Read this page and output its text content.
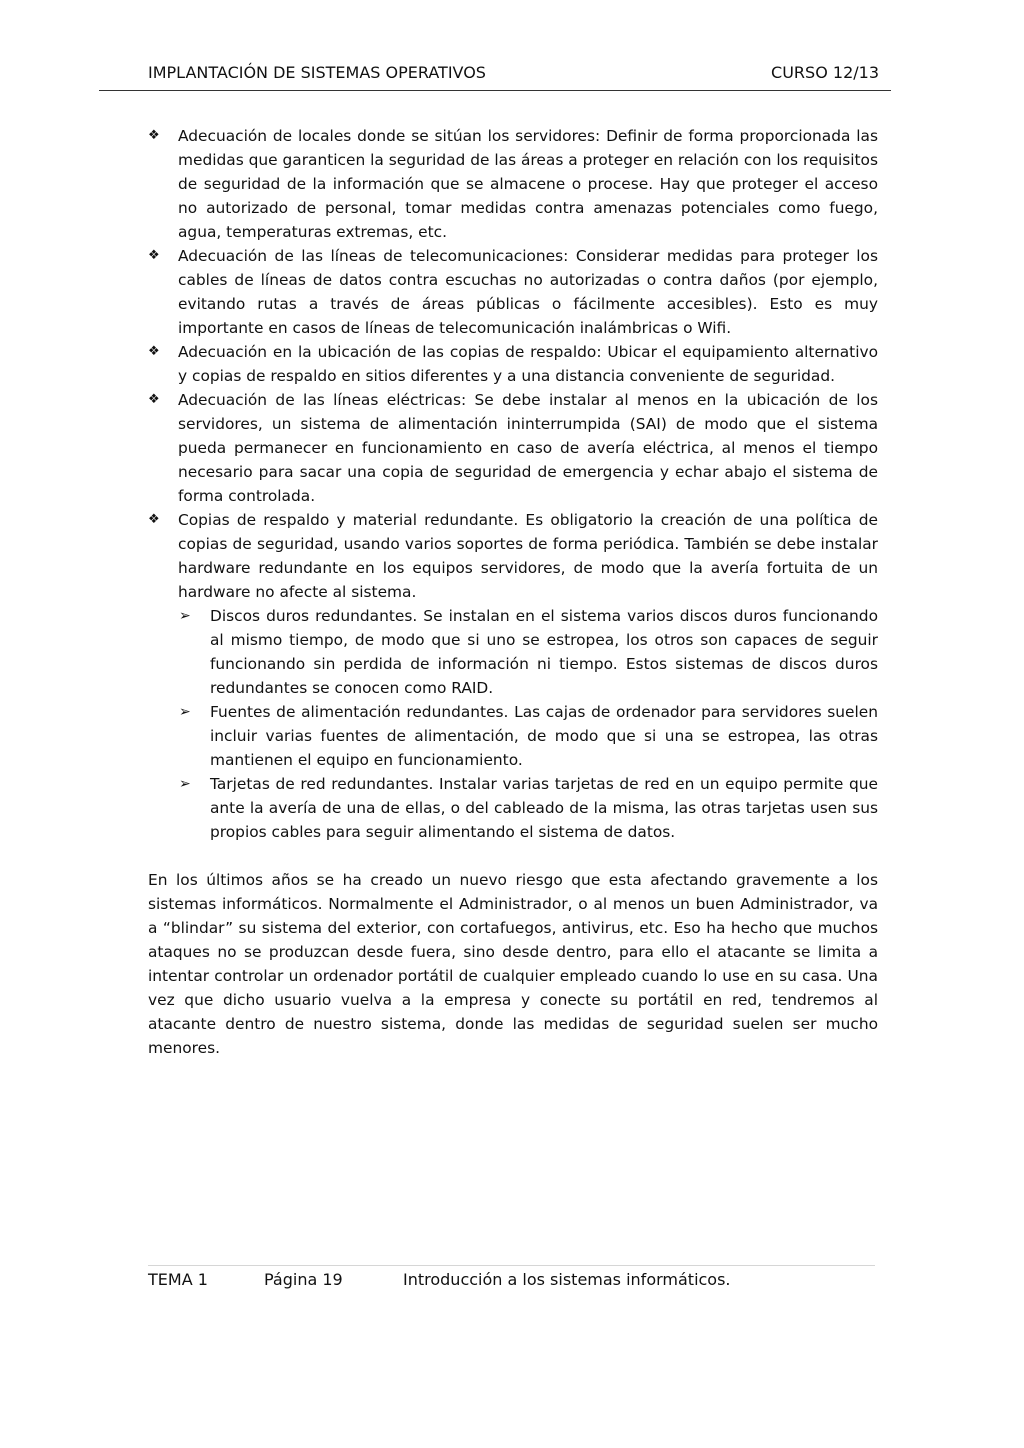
IMPLANTACIÓN DE SISTEMAS OPERATIVOS	CURSO 12/13
❖	Adecuación de locales donde se sitúan los servidores: Definir de forma proporcionada las medidas que garanticen la seguridad de las áreas a proteger en relación con los requisitos de seguridad de la información que se almacene o procese. Hay que proteger el acceso no autorizado de personal, tomar medidas contra amenazas potenciales como fuego, agua, temperaturas extremas, etc.
❖	Adecuación de las líneas de telecomunicaciones: Considerar medidas para proteger los cables de líneas de datos contra escuchas no autorizadas o contra daños (por ejemplo, evitando rutas a través de áreas públicas o fácilmente accesibles). Esto es muy importante en casos de líneas de telecomunicación inalámbricas o Wifi.
❖	Adecuación en la ubicación de las copias de respaldo: Ubicar el equipamiento alternativo y copias de respaldo en sitios diferentes y a una distancia conveniente de seguridad.
❖	Adecuación de las líneas eléctricas: Se debe instalar al menos en la ubicación de los servidores, un sistema de alimentación ininterrumpida (SAI) de modo que el sistema pueda permanecer en funcionamiento en caso de avería eléctrica, al menos el tiempo necesario para sacar una copia de seguridad de emergencia y echar abajo el sistema de forma controlada.
❖	Copias de respaldo y material redundante. Es obligatorio la creación de una política de copias de seguridad, usando varios soportes de forma periódica. También se debe instalar hardware redundante en los equipos servidores, de modo que la avería fortuita de un hardware no afecte al sistema.
➢	Discos duros redundantes. Se instalan en el sistema varios discos duros funcionando al mismo tiempo, de modo que si uno se estropea, los otros son capaces de seguir funcionando sin perdida de información ni tiempo. Estos sistemas de discos duros redundantes se conocen como RAID.
➢	Fuentes de alimentación redundantes. Las cajas de ordenador para servidores suelen incluir varias fuentes de alimentación, de modo que si una se estropea, las otras mantienen el equipo en funcionamiento.
➢	Tarjetas de red redundantes. Instalar varias tarjetas de red en un equipo permite que ante la avería de una de ellas, o del cableado de la misma, las otras tarjetas usen sus propios cables para seguir alimentando el sistema de datos.

En los últimos años se ha creado un nuevo riesgo que esta afectando gravemente a los sistemas informáticos. Normalmente el Administrador, o al menos un buen Administrador, va a “blindar” su sistema del exterior, con cortafuegos, antivirus, etc. Eso ha hecho que muchos ataques no se produzcan desde fuera, sino desde dentro, para ello el atacante se limita a intentar controlar un ordenador portátil de cualquier empleado cuando lo use en su casa. Una vez que dicho usuario vuelva a la empresa y conecte su portátil en red, tendremos al atacante dentro de nuestro sistema, donde las medidas de seguridad suelen ser mucho menores.

TEMA 1	Página 19	Introducción a los sistemas informáticos.
